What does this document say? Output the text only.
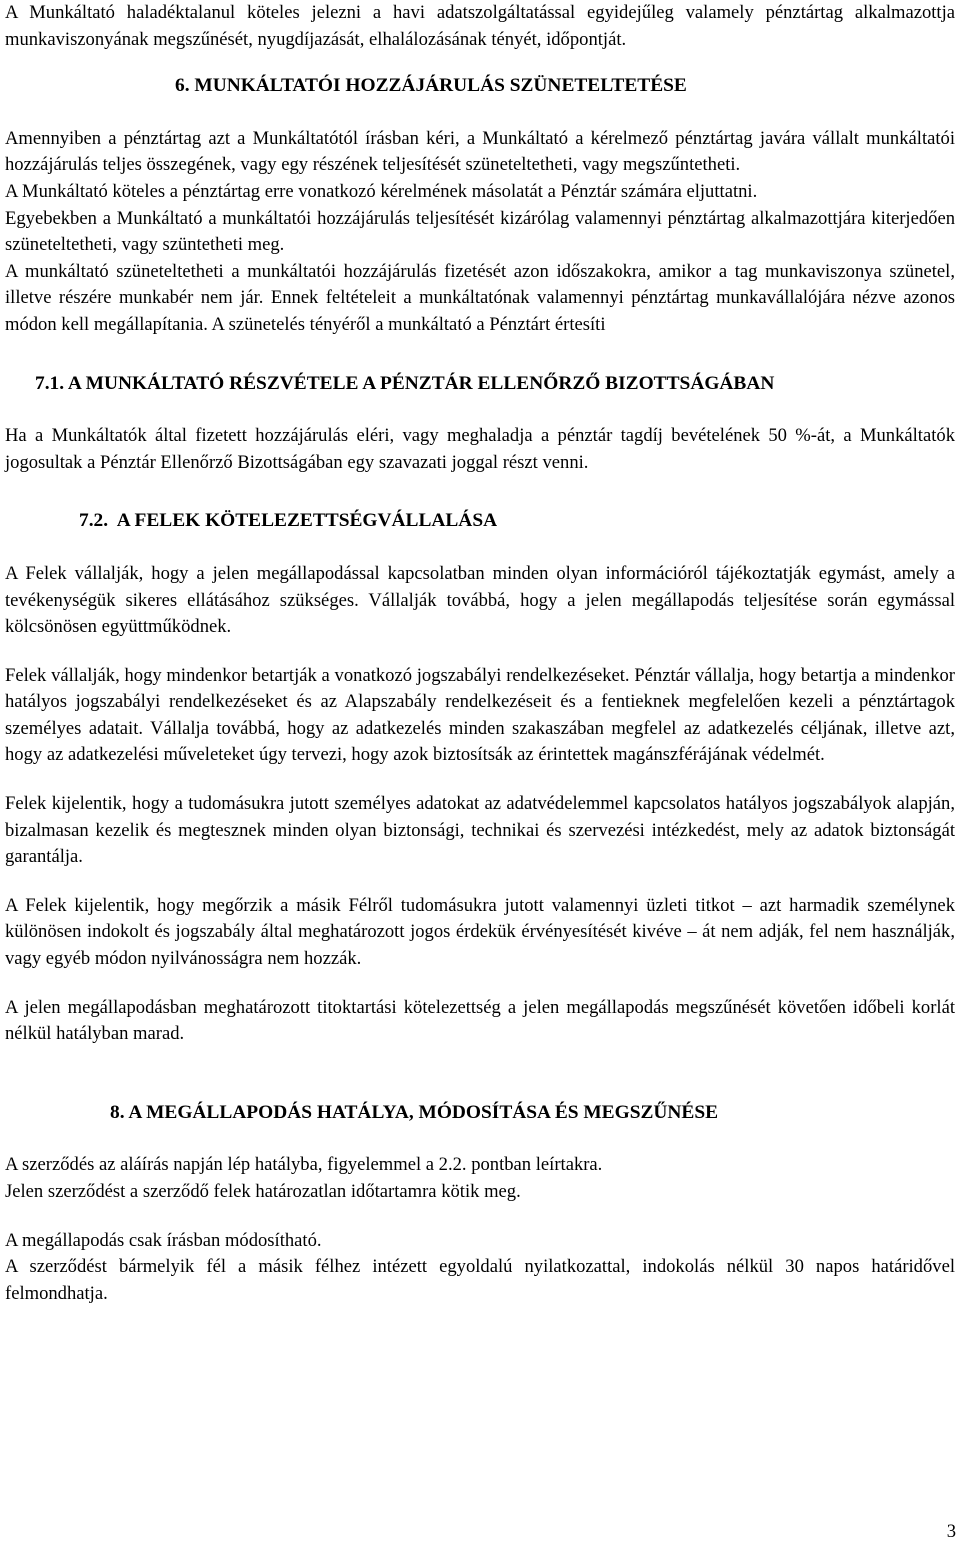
A Munkáltató haladéktalanul köteles jelezni a havi adatszolgáltatással egyidejűleg valamely pénztártag alkalmazottja munkaviszonyának megszűnését, nyugdíjazását, elhalálozásának tényét, időpontját.

6. MUNKÁLTATÓI HOZZÁJÁRULÁS SZÜNETELTETÉSE

Amennyiben a pénztártag azt a Munkáltatótól írásban kéri, a Munkáltató a kérelmező pénztártag javára vállalt munkáltatói hozzájárulás teljes összegének, vagy egy részének teljesítését szüneteltetheti, vagy megszűntetheti.

A Munkáltató köteles a pénztártag erre vonatkozó kérelmének másolatát a Pénztár számára eljuttatni.

Egyebekben a Munkáltató a munkáltatói hozzájárulás teljesítését kizárólag valamennyi pénztártag alkalmazottjára kiterjedően szüneteltetheti, vagy szüntetheti meg.

A munkáltató szüneteltetheti a munkáltatói hozzájárulás fizetését azon időszakokra, amikor a tag munkaviszonya szünetel, illetve részére munkabér nem jár. Ennek feltételeit a munkáltatónak valamennyi pénztártag munkavállalójára nézve azonos módon kell megállapítania. A szünetelés tényéről a munkáltató a Pénztárt értesíti

7.1. A MUNKÁLTATÓ RÉSZVÉTELE A PÉNZTÁR ELLENŐRZŐ BIZOTTSÁGÁBAN

Ha a Munkáltatók által fizetett hozzájárulás eléri, vagy meghaladja a pénztár tagdíj bevételének 50 %-át, a Munkáltatók jogosultak a Pénztár Ellenőrző Bizottságában egy szavazati joggal részt venni.

7.2.  A FELEK KÖTELEZETTSÉGVÁLLALÁSA

A Felek vállalják, hogy a jelen megállapodással kapcsolatban minden olyan információról tájékoztatják egymást, amely a tevékenységük sikeres ellátásához szükséges. Vállalják továbbá, hogy a jelen megállapodás teljesítése során egymással kölcsönösen együttműködnek.

Felek vállalják, hogy mindenkor betartják a vonatkozó jogszabályi rendelkezéseket. Pénztár vállalja, hogy betartja a mindenkor hatályos jogszabályi rendelkezéseket és az Alapszabály rendelkezéseit és a fentieknek megfelelően kezeli a pénztártagok személyes adatait. Vállalja továbbá, hogy az adatkezelés minden szakaszában megfelel az adatkezelés céljának, illetve azt, hogy az adatkezelési műveleteket úgy tervezi, hogy azok biztosítsák az érintettek magánszférájának védelmét.

Felek kijelentik, hogy a tudomásukra jutott személyes adatokat az adatvédelemmel kapcsolatos hatályos jogszabályok alapján, bizalmasan kezelik és megtesznek minden olyan biztonsági, technikai és szervezési intézkedést, mely az adatok biztonságát garantálja.

A Felek kijelentik, hogy megőrzik a másik Félről tudomásukra jutott valamennyi üzleti titkot – azt harmadik személynek különösen indokolt és jogszabály által meghatározott jogos érdekük érvényesítését kivéve – át nem adják, fel nem használják, vagy egyéb módon nyilvánosságra nem hozzák.

A jelen megállapodásban meghatározott titoktartási kötelezettség a jelen megállapodás megszűnését követően időbeli korlát nélkül hatályban marad.

8. A MEGÁLLAPODÁS HATÁLYA, MÓDOSÍTÁSA ÉS MEGSZŰNÉSE

A szerződés az aláírás napján lép hatályba, figyelemmel a 2.2. pontban leírtakra.

Jelen szerződést a szerződő felek határozatlan időtartamra kötik meg.

A megállapodás csak írásban módosítható.

A szerződést bármelyik fél a másik félhez intézett egyoldalú nyilatkozattal, indokolás nélkül 30 napos határidővel felmondhatja.

3
